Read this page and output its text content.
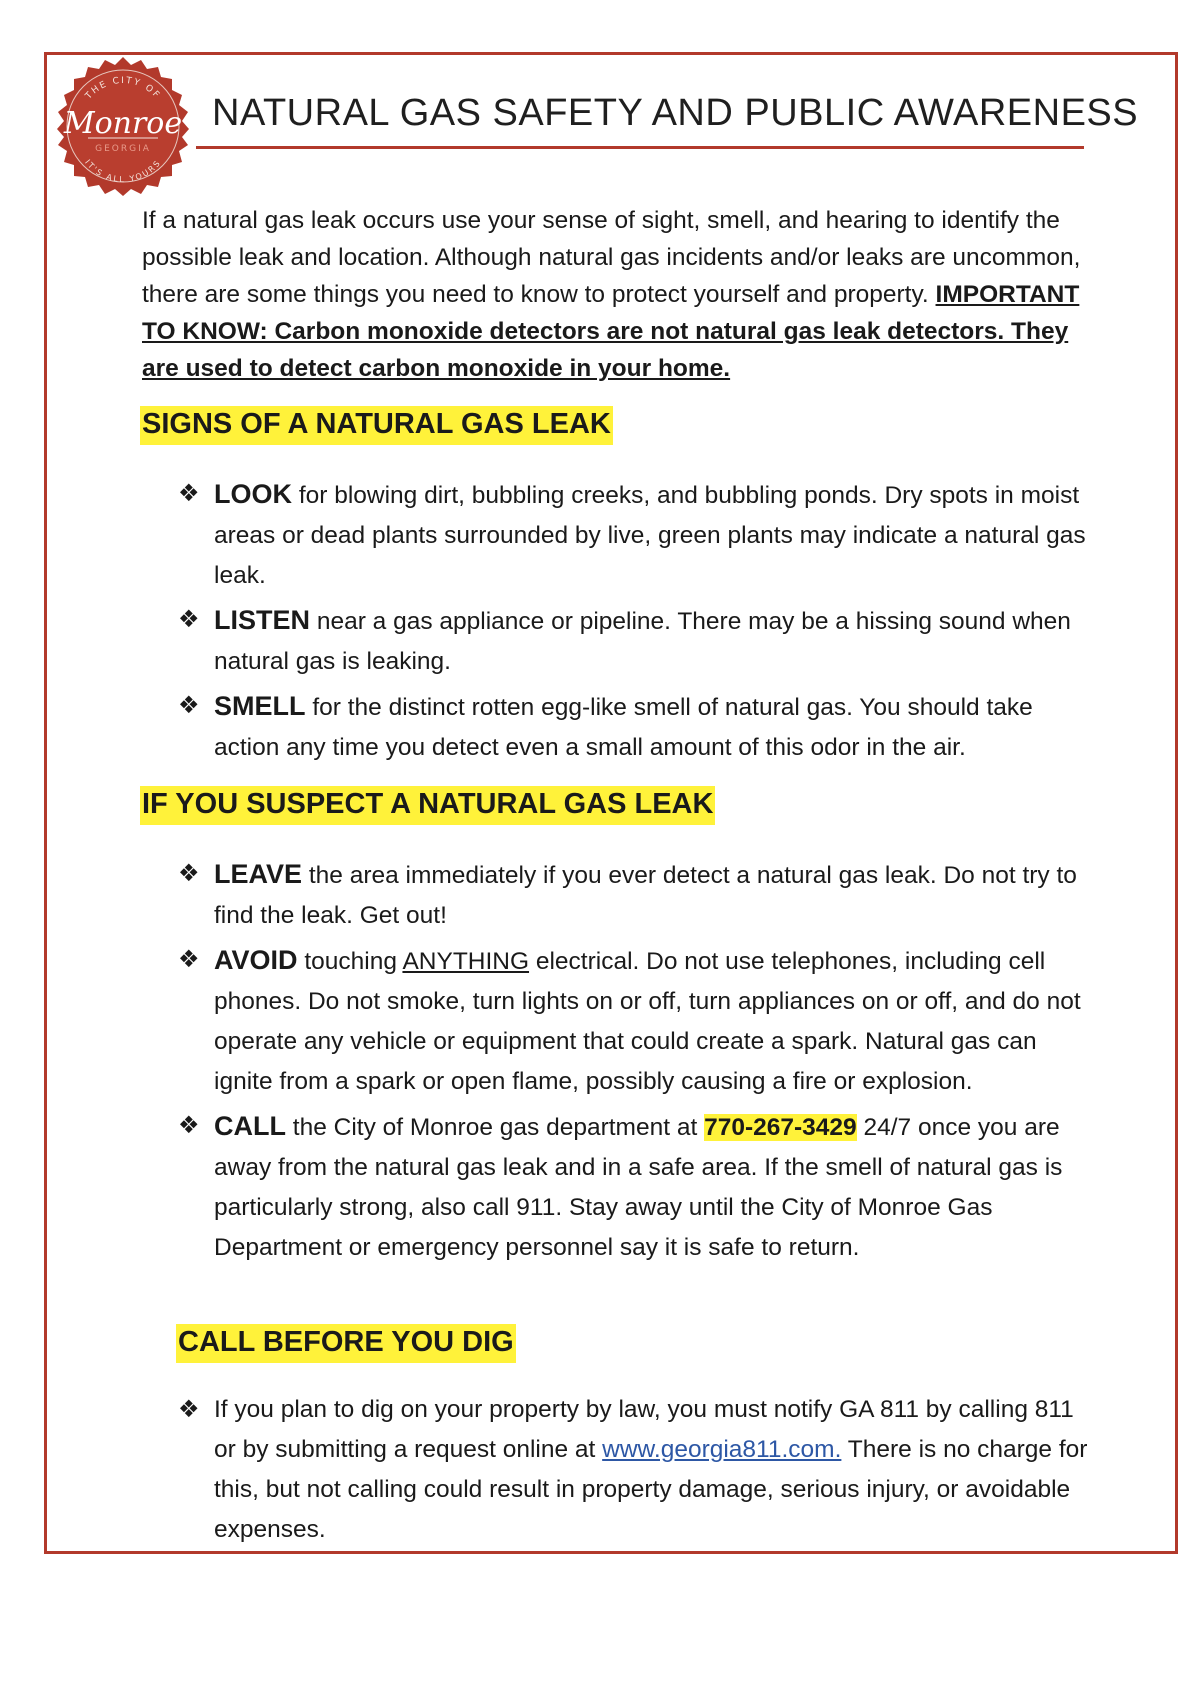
THE CITY OF
Monroe
GEORGIA
IT'S ALL YOURS
NATURAL GAS SAFETY AND PUBLIC AWARENESS
If a natural gas leak occurs use your sense of sight, smell, and hearing to identify the possible leak and location. Although natural gas incidents and/or leaks are uncommon, there are some things you need to know to protect yourself and property. IMPORTANT TO KNOW: Carbon monoxide detectors are not natural gas leak detectors. They are used to detect carbon monoxide in your home.
SIGNS OF A NATURAL GAS LEAK
❖ LOOK for blowing dirt, bubbling creeks, and bubbling ponds. Dry spots in moist areas or dead plants surrounded by live, green plants may indicate a natural gas leak.
❖ LISTEN near a gas appliance or pipeline. There may be a hissing sound when natural gas is leaking.
❖ SMELL for the distinct rotten egg-like smell of natural gas. You should take action any time you detect even a small amount of this odor in the air.
IF YOU SUSPECT A NATURAL GAS LEAK
❖ LEAVE the area immediately if you ever detect a natural gas leak. Do not try to find the leak. Get out!
❖ AVOID touching ANYTHING electrical. Do not use telephones, including cell phones. Do not smoke, turn lights on or off, turn appliances on or off, and do not operate any vehicle or equipment that could create a spark. Natural gas can ignite from a spark or open flame, possibly causing a fire or explosion.
❖ CALL the City of Monroe gas department at 770-267-3429 24/7 once you are away from the natural gas leak and in a safe area. If the smell of natural gas is particularly strong, also call 911. Stay away until the City of Monroe Gas Department or emergency personnel say it is safe to return.
CALL BEFORE YOU DIG
❖ If you plan to dig on your property by law, you must notify GA 811 by calling 811 or by submitting a request online at www.georgia811.com. There is no charge for this, but not calling could result in property damage, serious injury, or avoidable expenses.
